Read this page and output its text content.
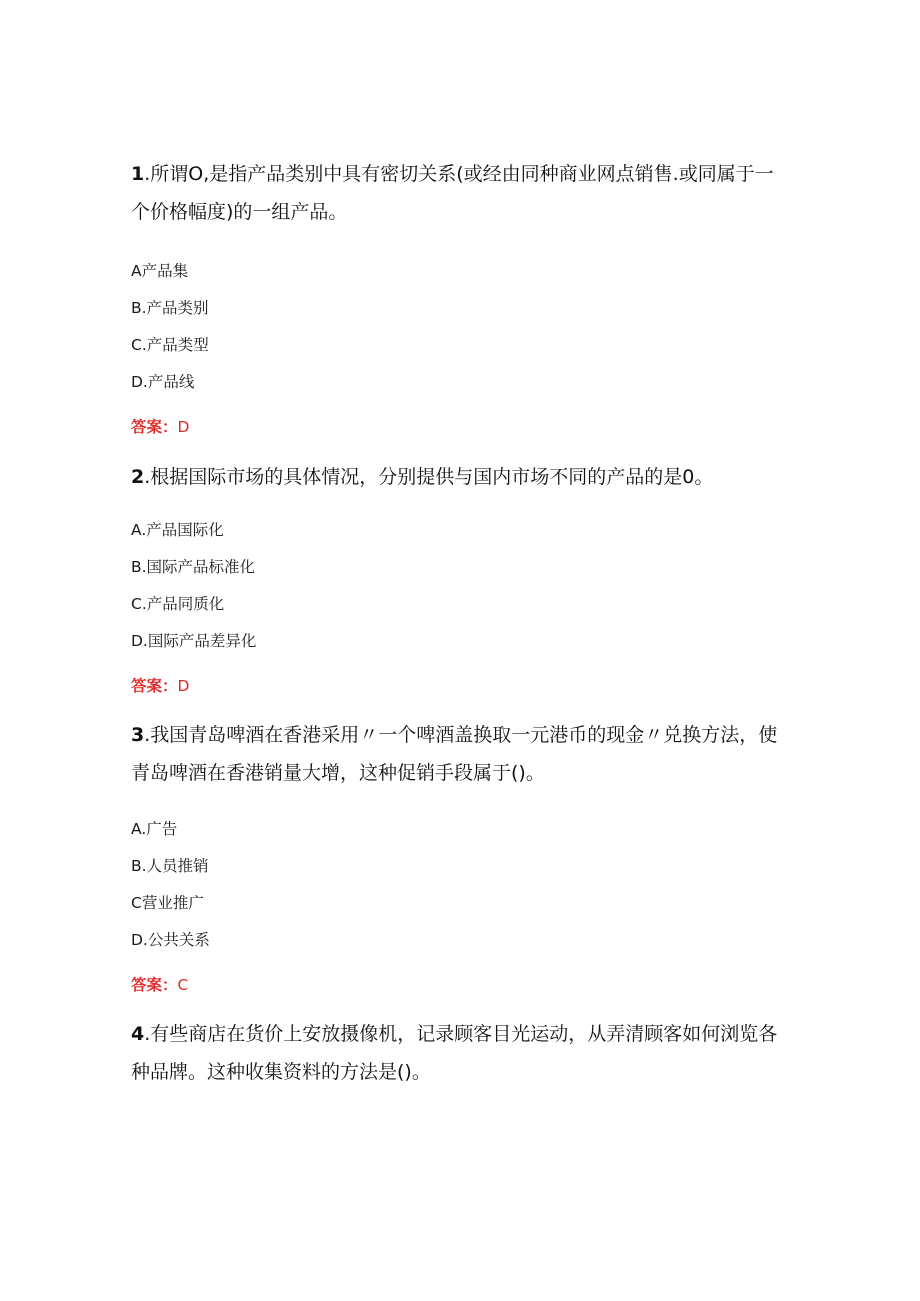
1.所谓O,是指产品类别中具有密切关系(或经由同种商业网点销售.或同属于一个价格幅度)的一组产品。
A产品集
B.产品类别
C.产品类型
D.产品线
答案：D
2.根据国际市场的具体情况，分别提供与国内市场不同的产品的是0。
A.产品国际化
B.国际产品标准化
C.产品同质化
D.国际产品差异化
答案：D
3.我国青岛啤酒在香港采用〃一个啤酒盖换取一元港币的现金〃兑换方法，使青岛啤酒在香港销量大增，这种促销手段属于()。
A.广告
B.人员推销
C营业推广
D.公共关系
答案：C
4.有些商店在货价上安放摄像机，记录顾客目光运动，从弄清顾客如何浏览各种品牌。这种收集资料的方法是()。
